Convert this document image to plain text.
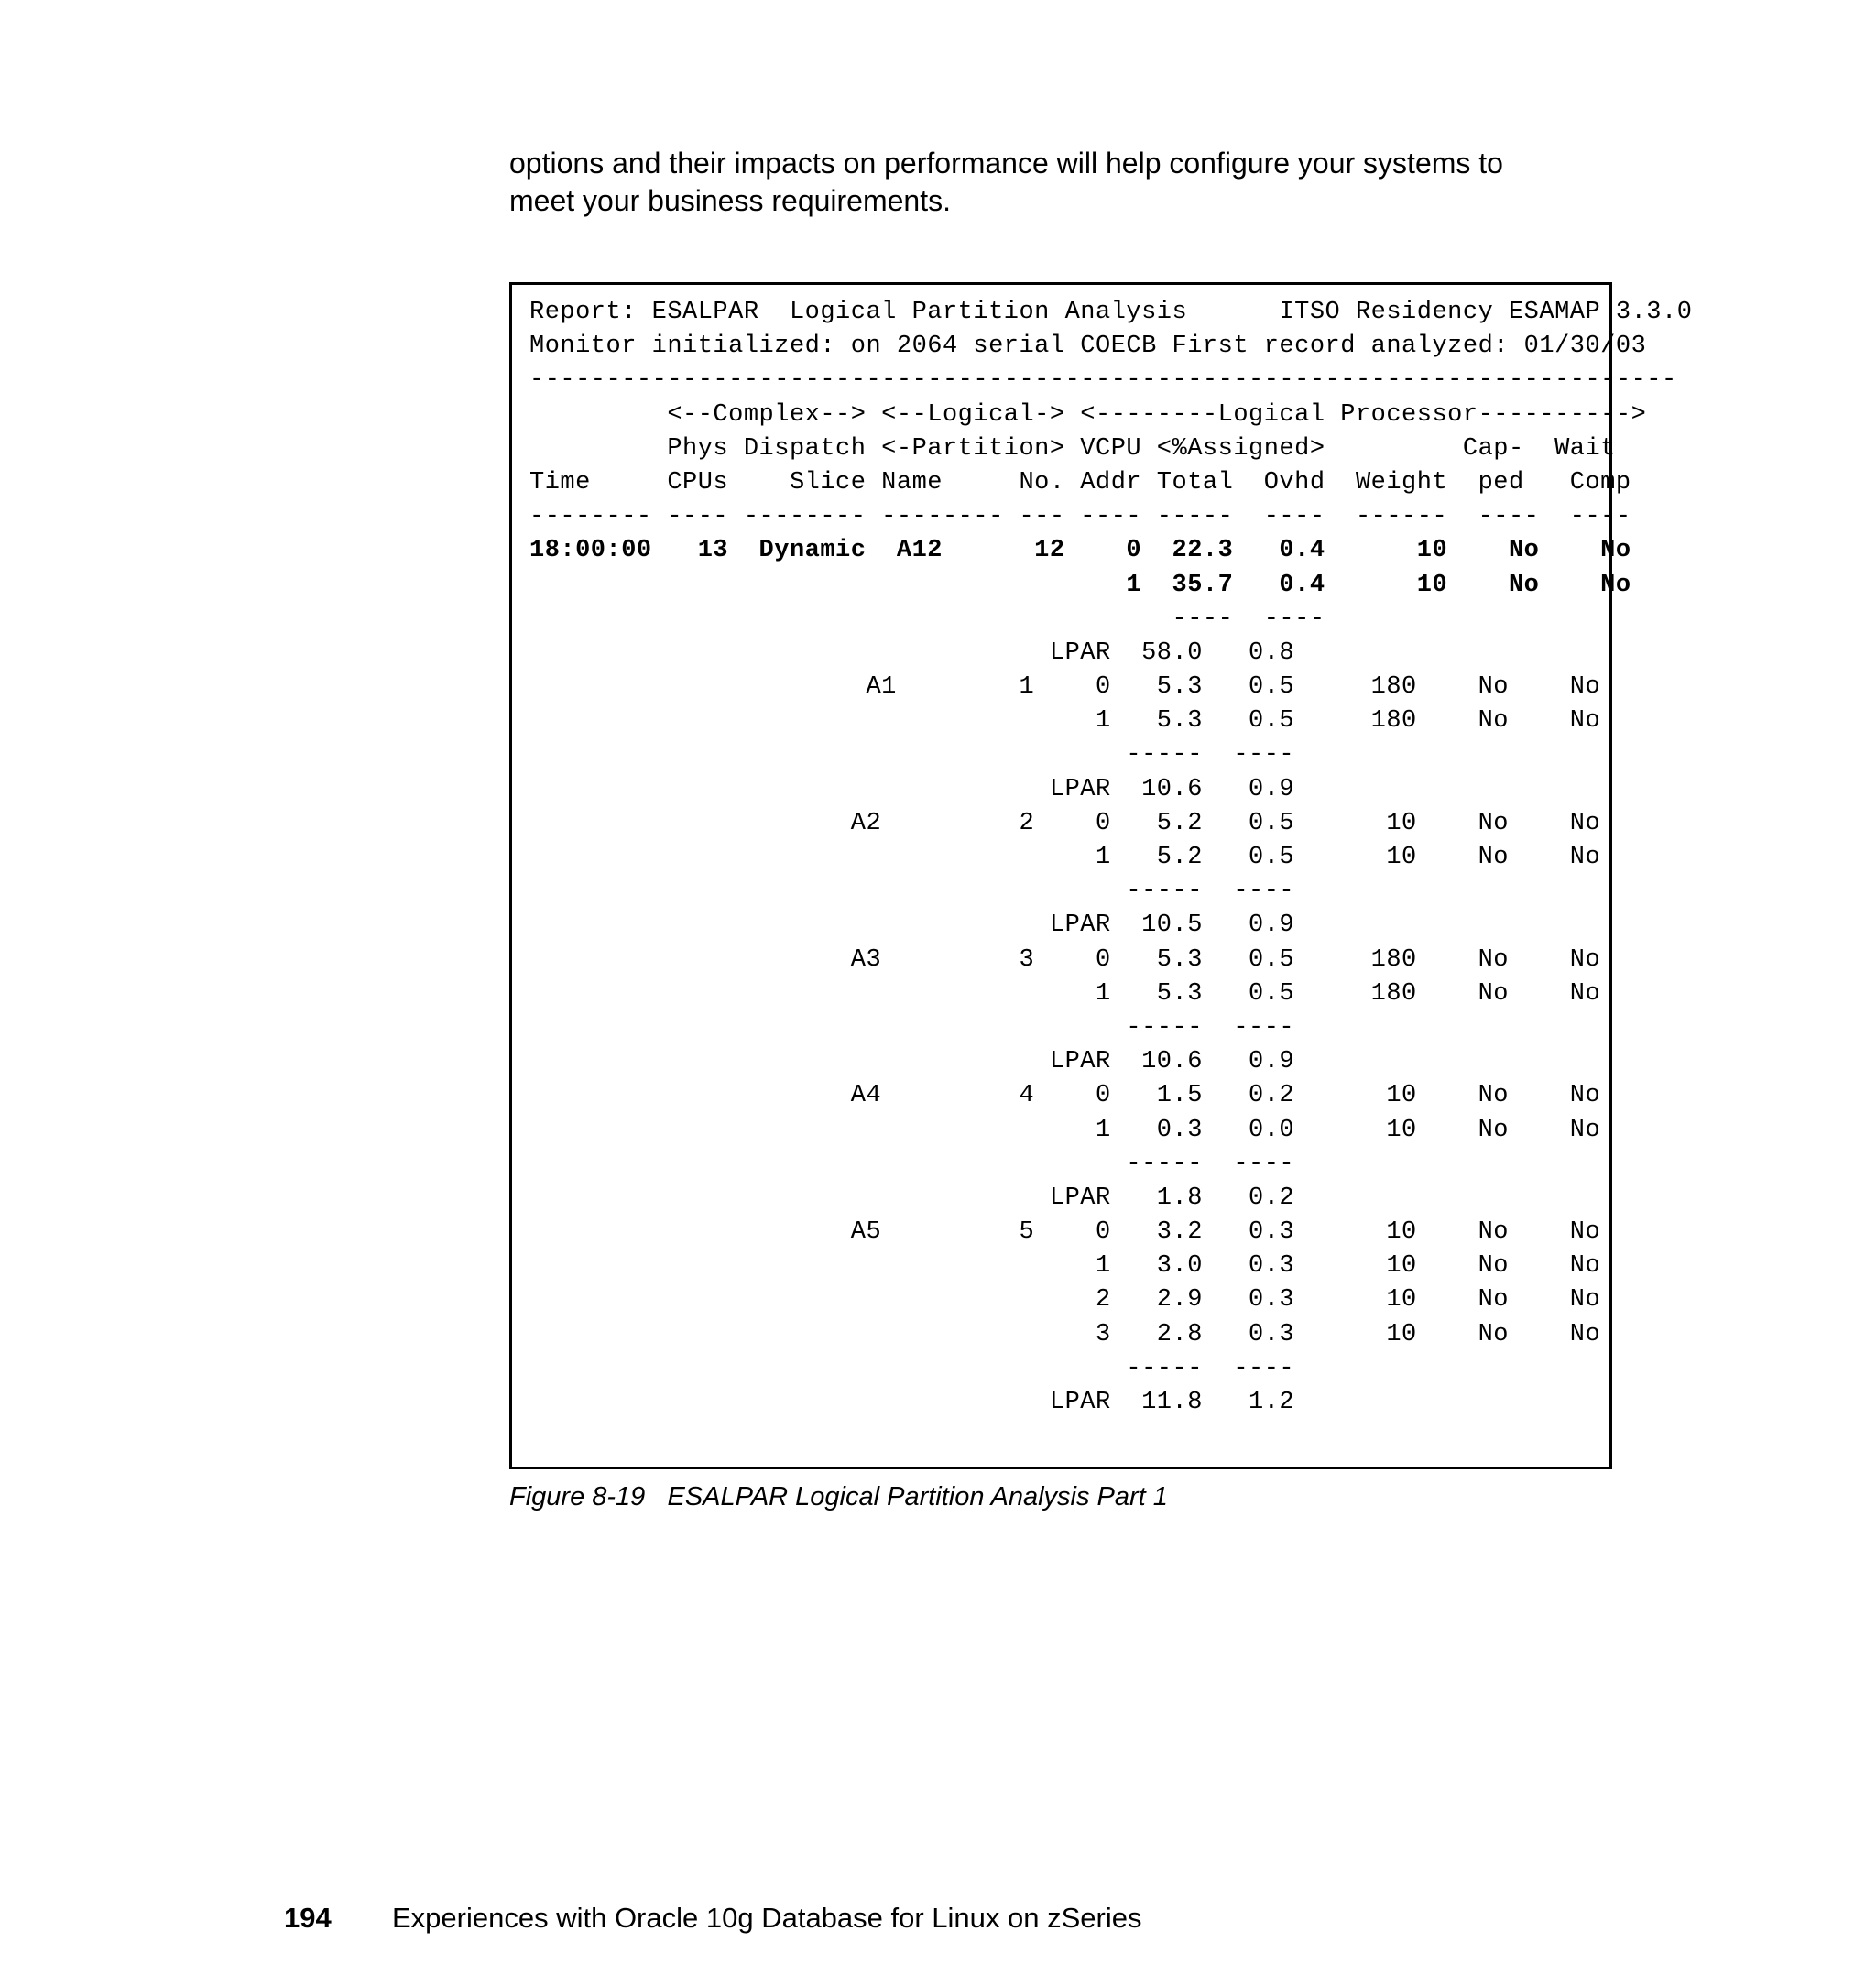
options and their impacts on performance will help configure your systems to
meet your business requirements.
Report: ESALPAR  Logical Partition Analysis      ITSO Residency ESAMAP 3.3.0
Monitor initialized: on 2064 serial COECB First record analyzed: 01/30/03
---------------------------------------------------------------------------
<--Complex--> <--Logical-> <--------Logical Processor---------->
Phys Dispatch <-Partition> VCPU <%Assigned>         Cap-  Wait
Time     CPUs    Slice Name     No. Addr Total  Ovhd  Weight  ped   Comp
-------- ---- -------- -------- --- ---- -----  ----  ------  ----  ----
18:00:00   13  Dynamic  A12      12    0  22.3   0.4      10    No    No
1  35.7   0.4      10    No    No
----  ----
LPAR  58.0   0.8
A1        1    0   5.3   0.5     180    No    No
1   5.3   0.5     180    No    No
-----  ----
LPAR  10.6   0.9
A2         2    0   5.2   0.5      10    No    No
1   5.2   0.5      10    No    No
-----  ----
LPAR  10.5   0.9
A3         3    0   5.3   0.5     180    No    No
1   5.3   0.5     180    No    No
-----  ----
LPAR  10.6   0.9
A4         4    0   1.5   0.2      10    No    No
1   0.3   0.0      10    No    No
-----  ----
LPAR   1.8   0.2
A5         5    0   3.2   0.3      10    No    No
1   3.0   0.3      10    No    No
2   2.9   0.3      10    No    No
3   2.8   0.3      10    No    No
-----  ----
LPAR  11.8   1.2
Figure 8-19   ESALPAR Logical Partition Analysis Part 1
194 Experiences with Oracle 10g Database for Linux on zSeries
